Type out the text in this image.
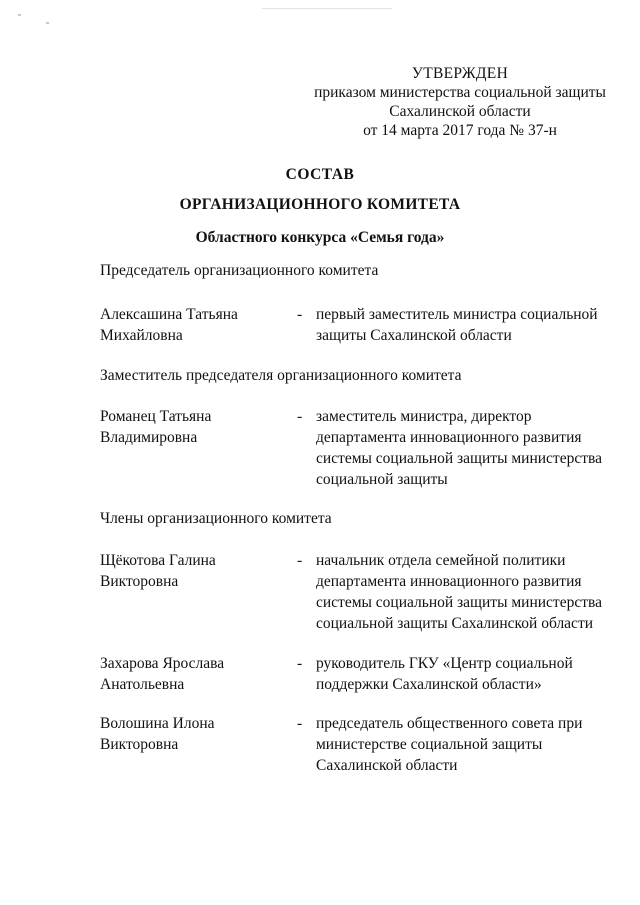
УТВЕРЖДЕН
приказом министерства социальной защиты
Сахалинской области
от 14 марта 2017 года № 37-н
СОСТАВ
ОРГАНИЗАЦИОННОГО КОМИТЕТА
Областного конкурса «Семья года»
Председатель организационного комитета
Алексашина Татьяна
Михайловна
- первый заместитель министра социальной защиты Сахалинской области
Заместитель председателя организационного комитета
Романец Татьяна
Владимировна
- заместитель министра, директор департамента инновационного развития системы социальной защиты министерства социальной защиты
Члены организационного комитета
Щёкотова Галина
Викторовна
- начальник отдела семейной политики департамента инновационного развития системы социальной защиты министерства социальной защиты Сахалинской области
Захарова Ярослава
Анатольевна
- руководитель ГКУ «Центр социальной поддержки Сахалинской области»
Волошина Илона
Викторовна
- председатель общественного совета при министерстве социальной защиты Сахалинской области
